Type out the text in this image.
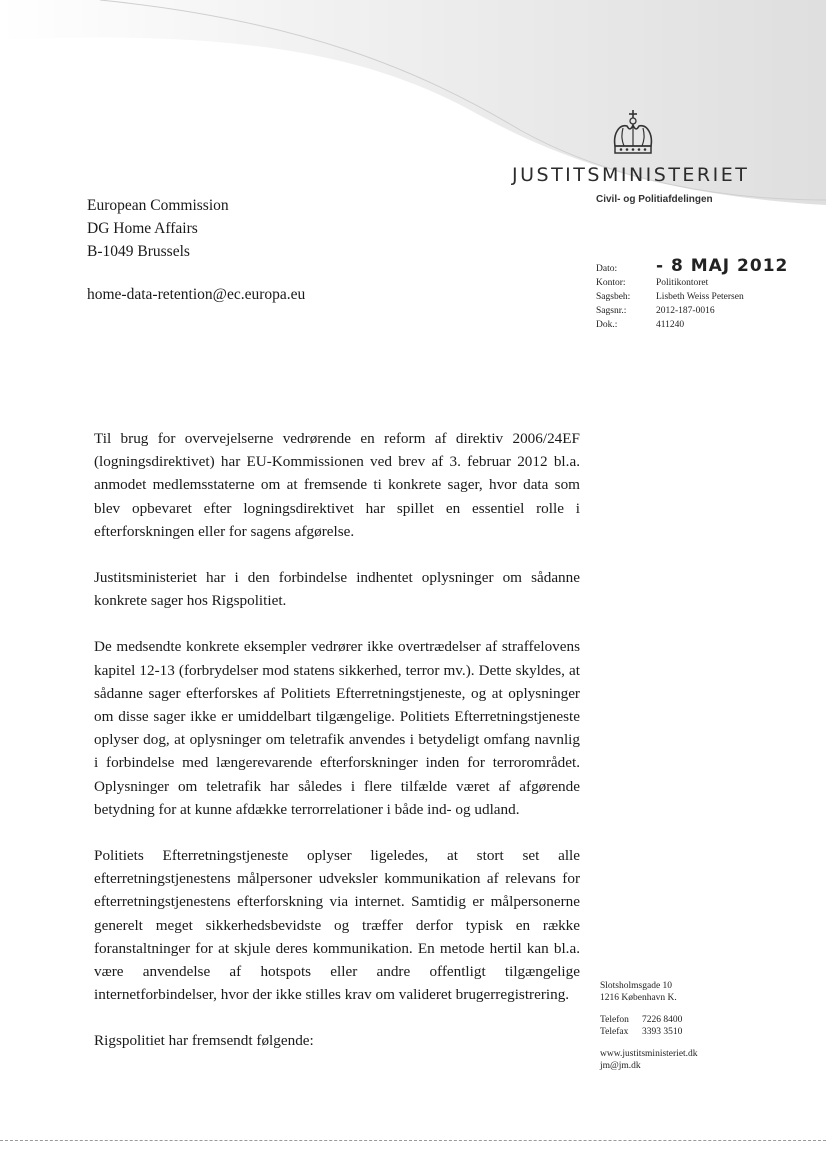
JUSTITSMINISTERIET
Civil- og Politiafdelingen
European Commission
DG Home Affairs
B-1049 Brussels
home-data-retention@ec.europa.eu
Dato:	- 8 MAJ 2012
Kontor:	Politikontoret
Sagsbeh:	Lisbeth Weiss Petersen
Sagsnr.:	2012-187-0016
Dok.:	411240

Til brug for overvejelserne vedrørende en reform af direktiv 2006/24EF (logningsdirektivet) har EU-Kommissionen ved brev af 3. februar 2012 bl.a. anmodet medlemsstaterne om at fremsende ti konkrete sager, hvor data som blev opbevaret efter logningsdirektivet har spillet en essentiel rolle i efterforskningen eller for sagens afgørelse.

Justitsministeriet har i den forbindelse indhentet oplysninger om sådanne konkrete sager hos Rigspolitiet.

De medsendte konkrete eksempler vedrører ikke overtrædelser af straffelovens kapitel 12-13 (forbrydelser mod statens sikkerhed, terror mv.). Dette skyldes, at sådanne sager efterforskes af Politiets Efterretningstjeneste, og at oplysninger om disse sager ikke er umiddelbart tilgængelige. Politiets Efterretningstjeneste oplyser dog, at oplysninger om teletrafik anvendes i betydeligt omfang navnlig i forbindelse med længerevarende efterforskninger inden for terrorområdet. Oplysninger om teletrafik har således i flere tilfælde været af afgørende betydning for at kunne afdække terrorrelationer i både ind- og udland.

Politiets Efterretningstjeneste oplyser ligeledes, at stort set alle efterretningstjenestens målpersoner udveksler kommunikation af relevans for efterretningstjenestens efterforskning via internet. Samtidig er målpersonerne generelt meget sikkerhedsbevidste og træffer derfor typisk en række foranstaltninger for at skjule deres kommunikation. En metode hertil kan bl.a. være anvendelse af hotspots eller andre offentligt tilgængelige internetforbindelser, hvor der ikke stilles krav om valideret brugerregistrering.

Rigspolitiet har fremsendt følgende:

Slotsholmsgade 10
1216 København K.
Telefon	7226 8400
Telefax	3393 3510
www.justitsministeriet.dk
jm@jm.dk
